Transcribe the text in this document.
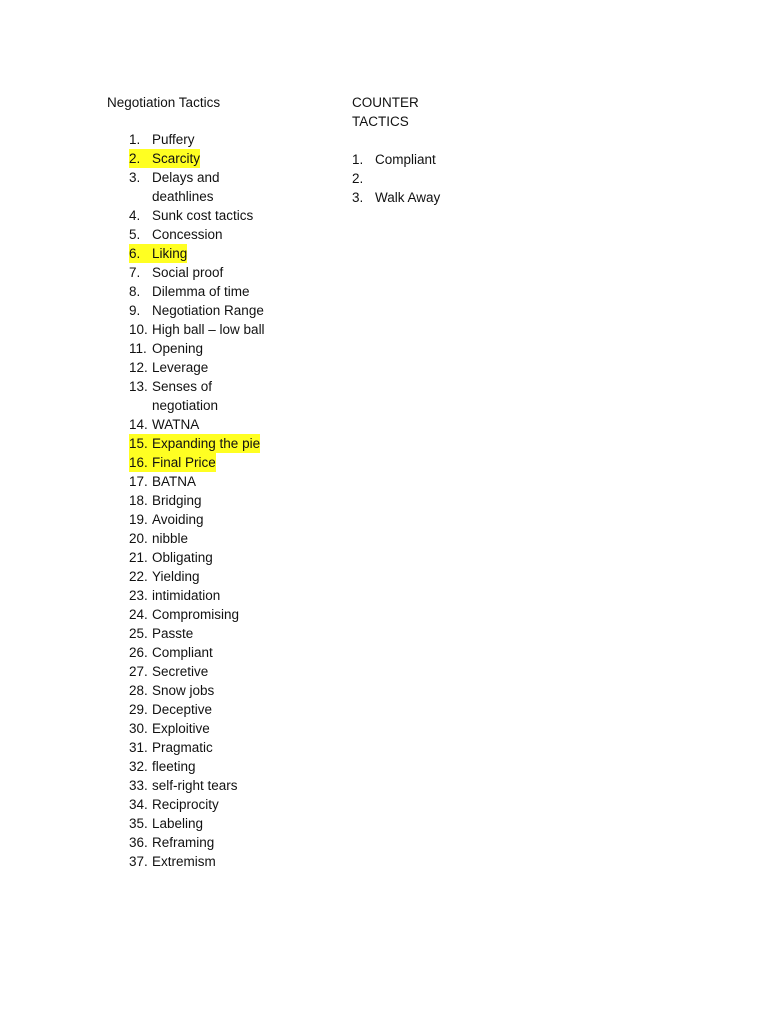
Negotiation Tactics	COUNTER TACTICS
1. Puffery
2. Scarcity
3. Delays and deathlines
4. Sunk cost tactics
5. Concession
6. Liking
7. Social proof
8. Dilemma of time
9. Negotiation Range
10. High ball – low ball
11. Opening
12. Leverage
13. Senses of negotiation
14. WATNA
15. Expanding the pie
16. Final Price
17. BATNA
18. Bridging
19. Avoiding
20. nibble
21. Obligating
22. Yielding
23. intimidation
24. Compromising
25. Passte
26. Compliant
27. Secretive
28. Snow jobs
29. Deceptive
30. Exploitive
31. Pragmatic
32. fleeting
33. self-right tears
34. Reciprocity
35. Labeling
36. Reframing
37. Extremism
1. Compliant
2.
3. Walk Away
